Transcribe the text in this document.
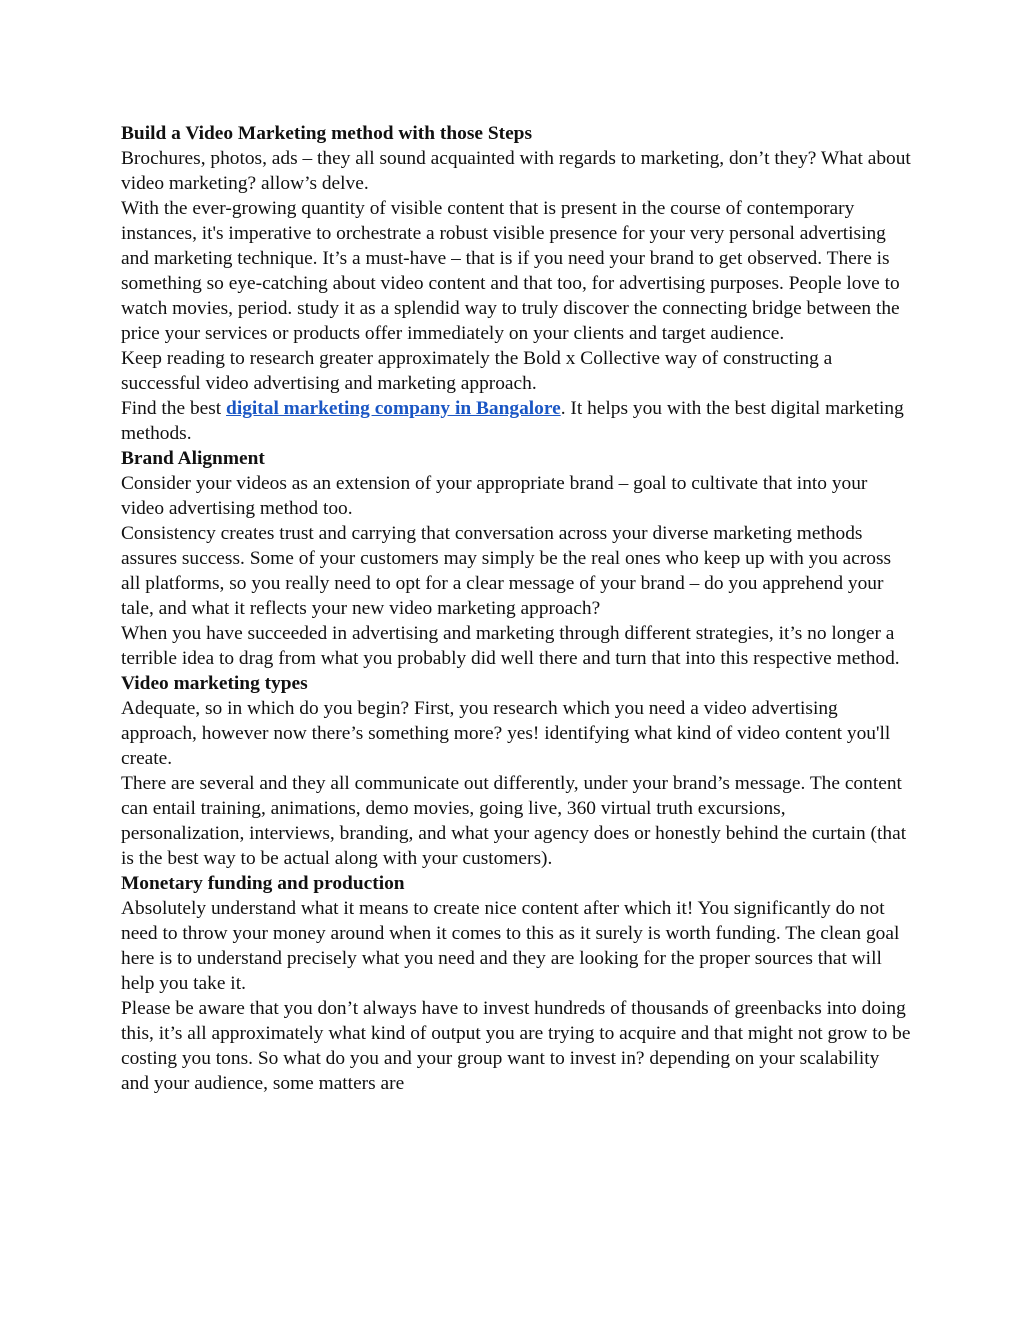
Build a Video Marketing method with those Steps

Brochures, photos, ads – they all sound acquainted with regards to marketing, don’t they? What about video marketing? allow’s delve.

With the ever-growing quantity of visible content that is present in the course of contemporary instances, it's imperative to orchestrate a robust visible presence for your very personal advertising and marketing technique. It’s a must-have – that is if you need your brand to get observed. There is something so eye-catching about video content and that too, for advertising purposes. People love to watch movies, period. study it as a splendid way to truly discover the connecting bridge between the price your services or products offer immediately on your clients and target audience.

Keep reading to research greater approximately the Bold x Collective way of constructing a successful video advertising and marketing approach.

Find the best digital marketing company in Bangalore. It helps you with the best digital marketing methods.

Brand Alignment

Consider your videos as an extension of your appropriate brand – goal to cultivate that into your video advertising method too.

Consistency creates trust and carrying that conversation across your diverse marketing methods assures success. Some of your customers may simply be the real ones who keep up with you across all platforms, so you really need to opt for a clear message of your brand – do you apprehend your tale, and what it reflects your new video marketing approach?

When you have succeeded in advertising and marketing through different strategies, it’s no longer a terrible idea to drag from what you probably did well there and turn that into this respective method.

Video marketing types

Adequate, so in which do you begin? First, you research which you need a video advertising approach, however now there’s something more? yes! identifying what kind of video content you'll create.

There are several and they all communicate out differently, under your brand’s message. The content can entail training, animations, demo movies, going live, 360 virtual truth excursions, personalization, interviews, branding, and what your agency does or honestly behind the curtain (that is the best way to be actual along with your customers).

Monetary funding and production

Absolutely understand what it means to create nice content after which it! You significantly do not need to throw your money around when it comes to this as it surely is worth funding. The clean goal here is to understand precisely what you need and they are looking for the proper sources that will help you take it.

Please be aware that you don’t always have to invest hundreds of thousands of greenbacks into doing this, it’s all approximately what kind of output you are trying to acquire and that might not grow to be costing you tons. So what do you and your group want to invest in? depending on your scalability and your audience, some matters are
